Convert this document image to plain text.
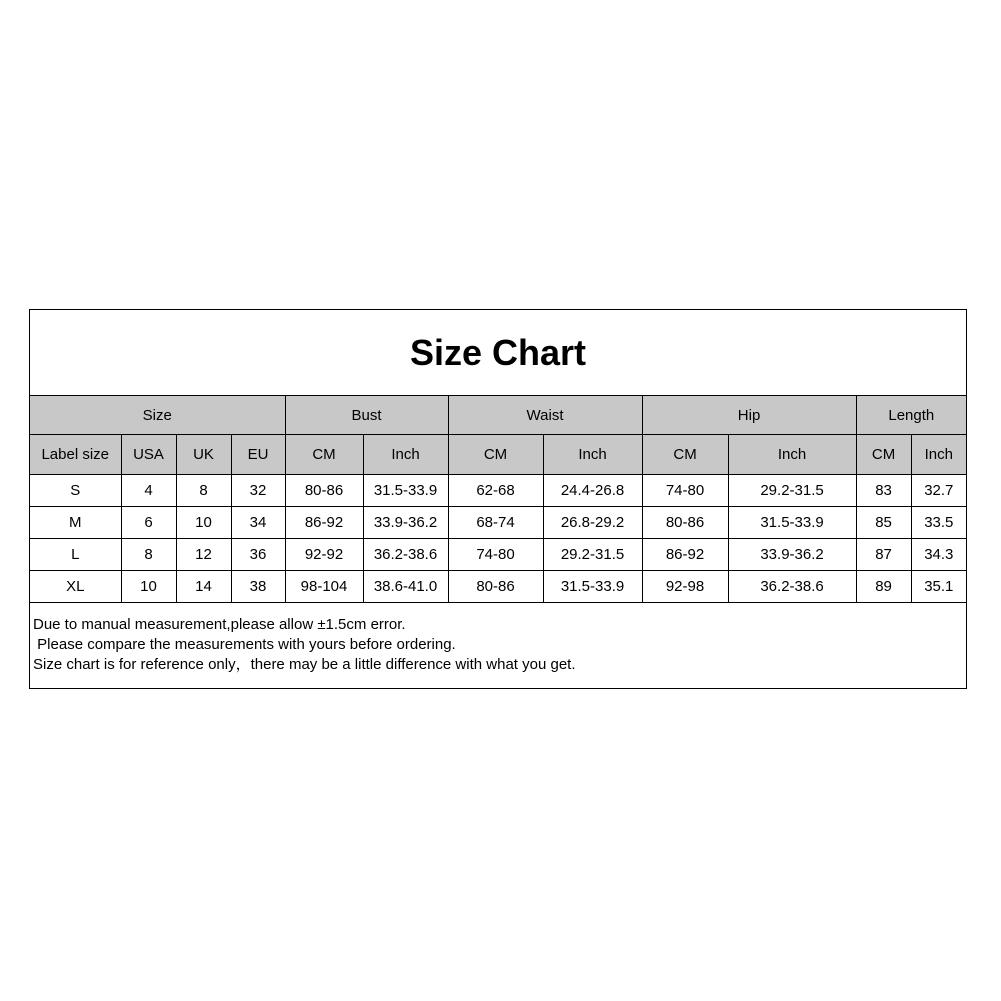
Size Chart
Size				Bust		Waist		Hip		Length	
Label size	USA	UK	EU	CM	Inch	CM	Inch	CM	Inch	CM	Inch
S	4	8	32	80-86	31.5-33.9	62-68	24.4-26.8	74-80	29.2-31.5	83	32.7
M	6	10	34	86-92	33.9-36.2	68-74	26.8-29.2	80-86	31.5-33.9	85	33.5
L	8	12	36	92-92	36.2-38.6	74-80	29.2-31.5	86-92	33.9-36.2	87	34.3
XL	10	14	38	98-104	38.6-41.0	80-86	31.5-33.9	92-98	36.2-38.6	89	35.1
Due to manual measurement,please allow ±1.5cm error.
Please compare the measurements with yours before ordering.
Size chart is for reference only，there may be a little difference with what you get.
